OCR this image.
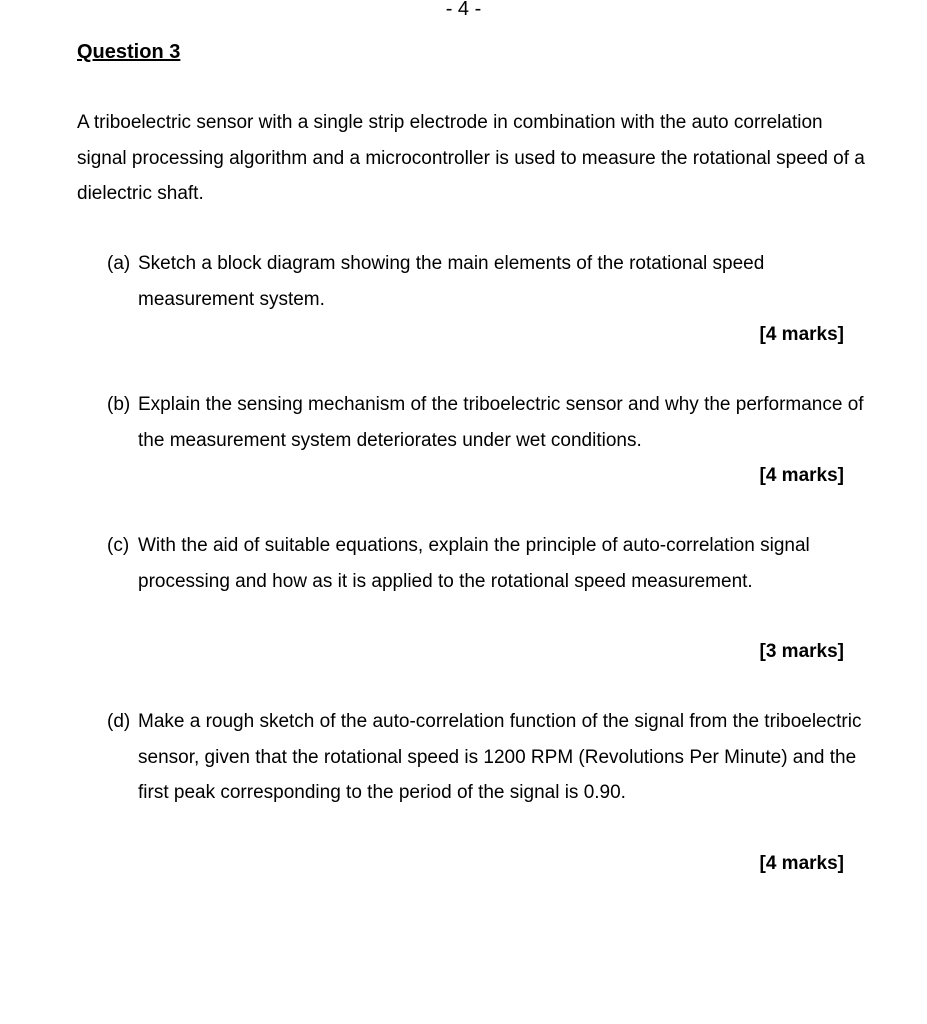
- 4 -
Question 3
A triboelectric sensor with a single strip electrode in combination with the auto correlation signal processing algorithm and a microcontroller is used to measure the rotational speed of a dielectric shaft.
(a) Sketch a block diagram showing the main elements of the rotational speed measurement system.
[4 marks]
(b) Explain the sensing mechanism of the triboelectric sensor and why the performance of the measurement system deteriorates under wet conditions.
[4 marks]
(c) With the aid of suitable equations, explain the principle of auto-correlation signal processing and how as it is applied to the rotational speed measurement.
[3 marks]
(d) Make a rough sketch of the auto-correlation function of the signal from the triboelectric sensor, given that the rotational speed is 1200 RPM (Revolutions Per Minute) and the first peak corresponding to the period of the signal is 0.90.
[4 marks]
